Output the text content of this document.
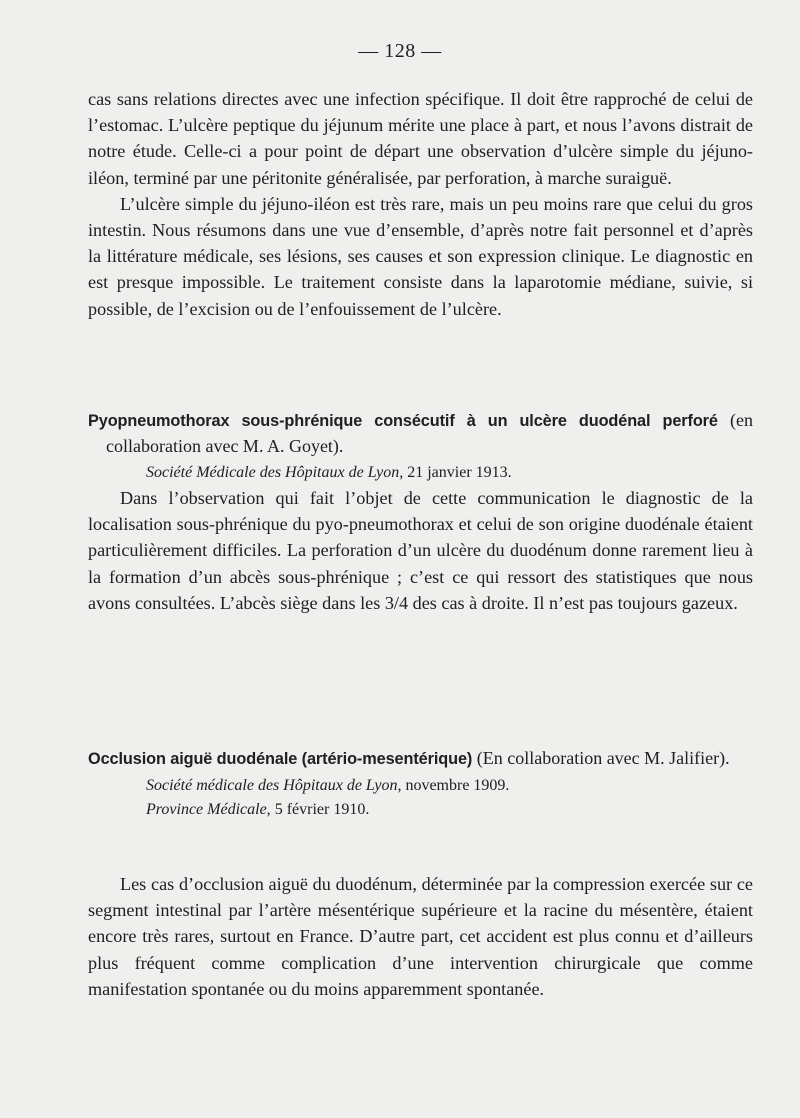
— 128 —

cas sans relations directes avec une infection spécifique. Il doit être rapproché de celui de l’estomac. L’ulcère peptique du jéjunum mérite une place à part, et nous l’avons distrait de notre étude. Celle-ci a pour point de départ une observation d’ulcère simple du jéjuno-iléon, terminé par une péritonite généralisée, par perforation, à marche suraiguë.

L’ulcère simple du jéjuno-iléon est très rare, mais un peu moins rare que celui du gros intestin. Nous résumons dans une vue d’ensemble, d’après notre fait personnel et d’après la littérature médicale, ses lésions, ses causes et son expression clinique. Le diagnostic en est presque impossible. Le traitement consiste dans la laparotomie médiane, suivie, si possible, de l’excision ou de l’enfouissement de l’ulcère.

Pyopneumothorax sous-phrénique consécutif à un ulcère duodénal perforé (en collaboration avec M. A. Goyet).
Société Médicale des Hôpitaux de Lyon, 21 janvier 1913.

Dans l’observation qui fait l’objet de cette communication le diagnostic de la localisation sous-phrénique du pyo-pneumothorax et celui de son origine duodénale étaient particulièrement difficiles. La perforation d’un ulcère du duodénum donne rarement lieu à la formation d’un abcès sous-phrénique ; c’est ce qui ressort des statistiques que nous avons consultées. L’abcès siège dans les 3/4 des cas à droite. Il n’est pas toujours gazeux.

Occlusion aiguë duodénale (artério-mesentérique) (En collaboration avec M. Jalifier).
Société médicale des Hôpitaux de Lyon, novembre 1909.
Province Médicale, 5 février 1910.

Les cas d’occlusion aiguë du duodénum, déterminée par la compression exercée sur ce segment intestinal par l’artère mésentérique supérieure et la racine du mésentère, étaient encore très rares, surtout en France. D’autre part, cet accident est plus connu et d’ailleurs plus fréquent comme complication d’une intervention chirurgicale que comme manifestation spontanée ou du moins apparemment spontanée.
